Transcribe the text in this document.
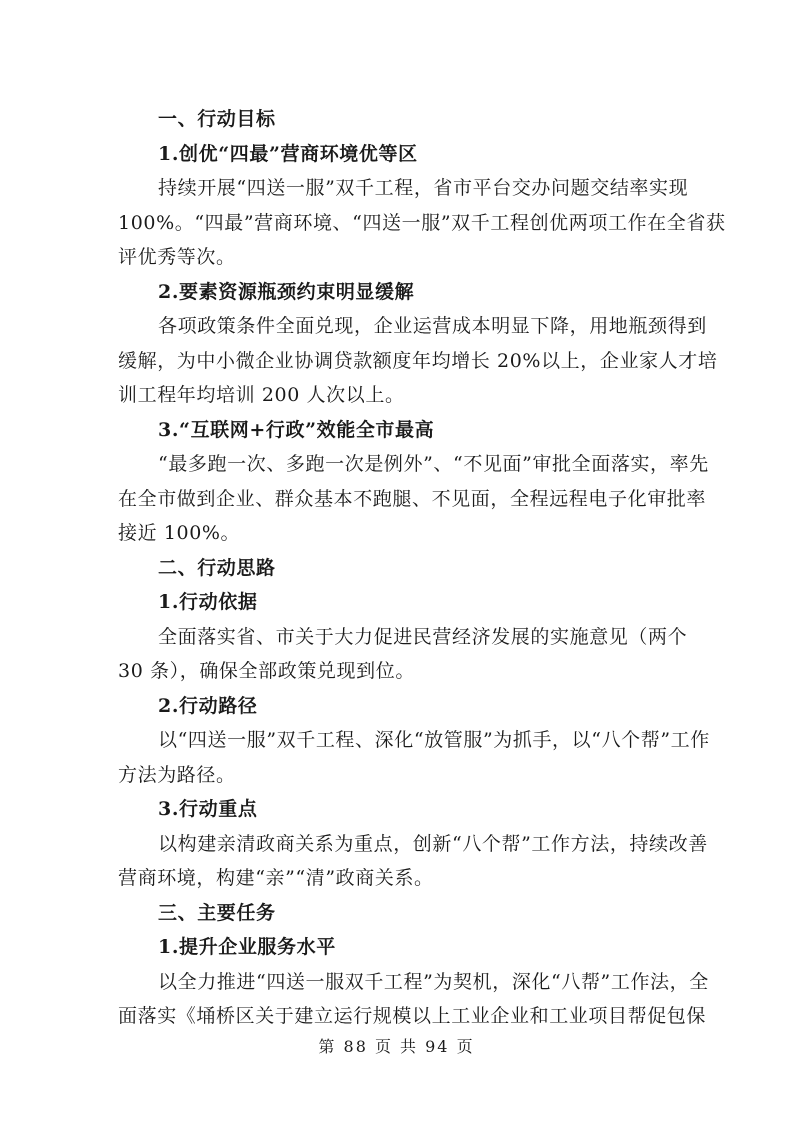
一、行动目标
1.创优“四最”营商环境优等区
持续开展“四送一服”双千工程，省市平台交办问题交结率实现
100%。“四最”营商环境、“四送一服”双千工程创优两项工作在全省获
评优秀等次。
2.要素资源瓶颈约束明显缓解
各项政策条件全面兑现，企业运营成本明显下降，用地瓶颈得到
缓解，为中小微企业协调贷款额度年均增长 20%以上，企业家人才培
训工程年均培训 200 人次以上。
3.“互联网+行政”效能全市最高
“最多跑一次、多跑一次是例外”、“不见面”审批全面落实，率先
在全市做到企业、群众基本不跑腿、不见面，全程远程电子化审批率
接近 100%。
二、行动思路
1.行动依据
全面落实省、市关于大力促进民营经济发展的实施意见（两个
30 条），确保全部政策兑现到位。
2.行动路径
以“四送一服”双千工程、深化“放管服”为抓手，以“八个帮”工作
方法为路径。
3.行动重点
以构建亲清政商关系为重点，创新“八个帮”工作方法，持续改善
营商环境，构建“亲”“清”政商关系。
三、主要任务
1.提升企业服务水平
以全力推进“四送一服双千工程”为契机，深化“八帮”工作法，全
面落实《埇桥区关于建立运行规模以上工业企业和工业项目帮促包保
第 88 页 共 94 页
